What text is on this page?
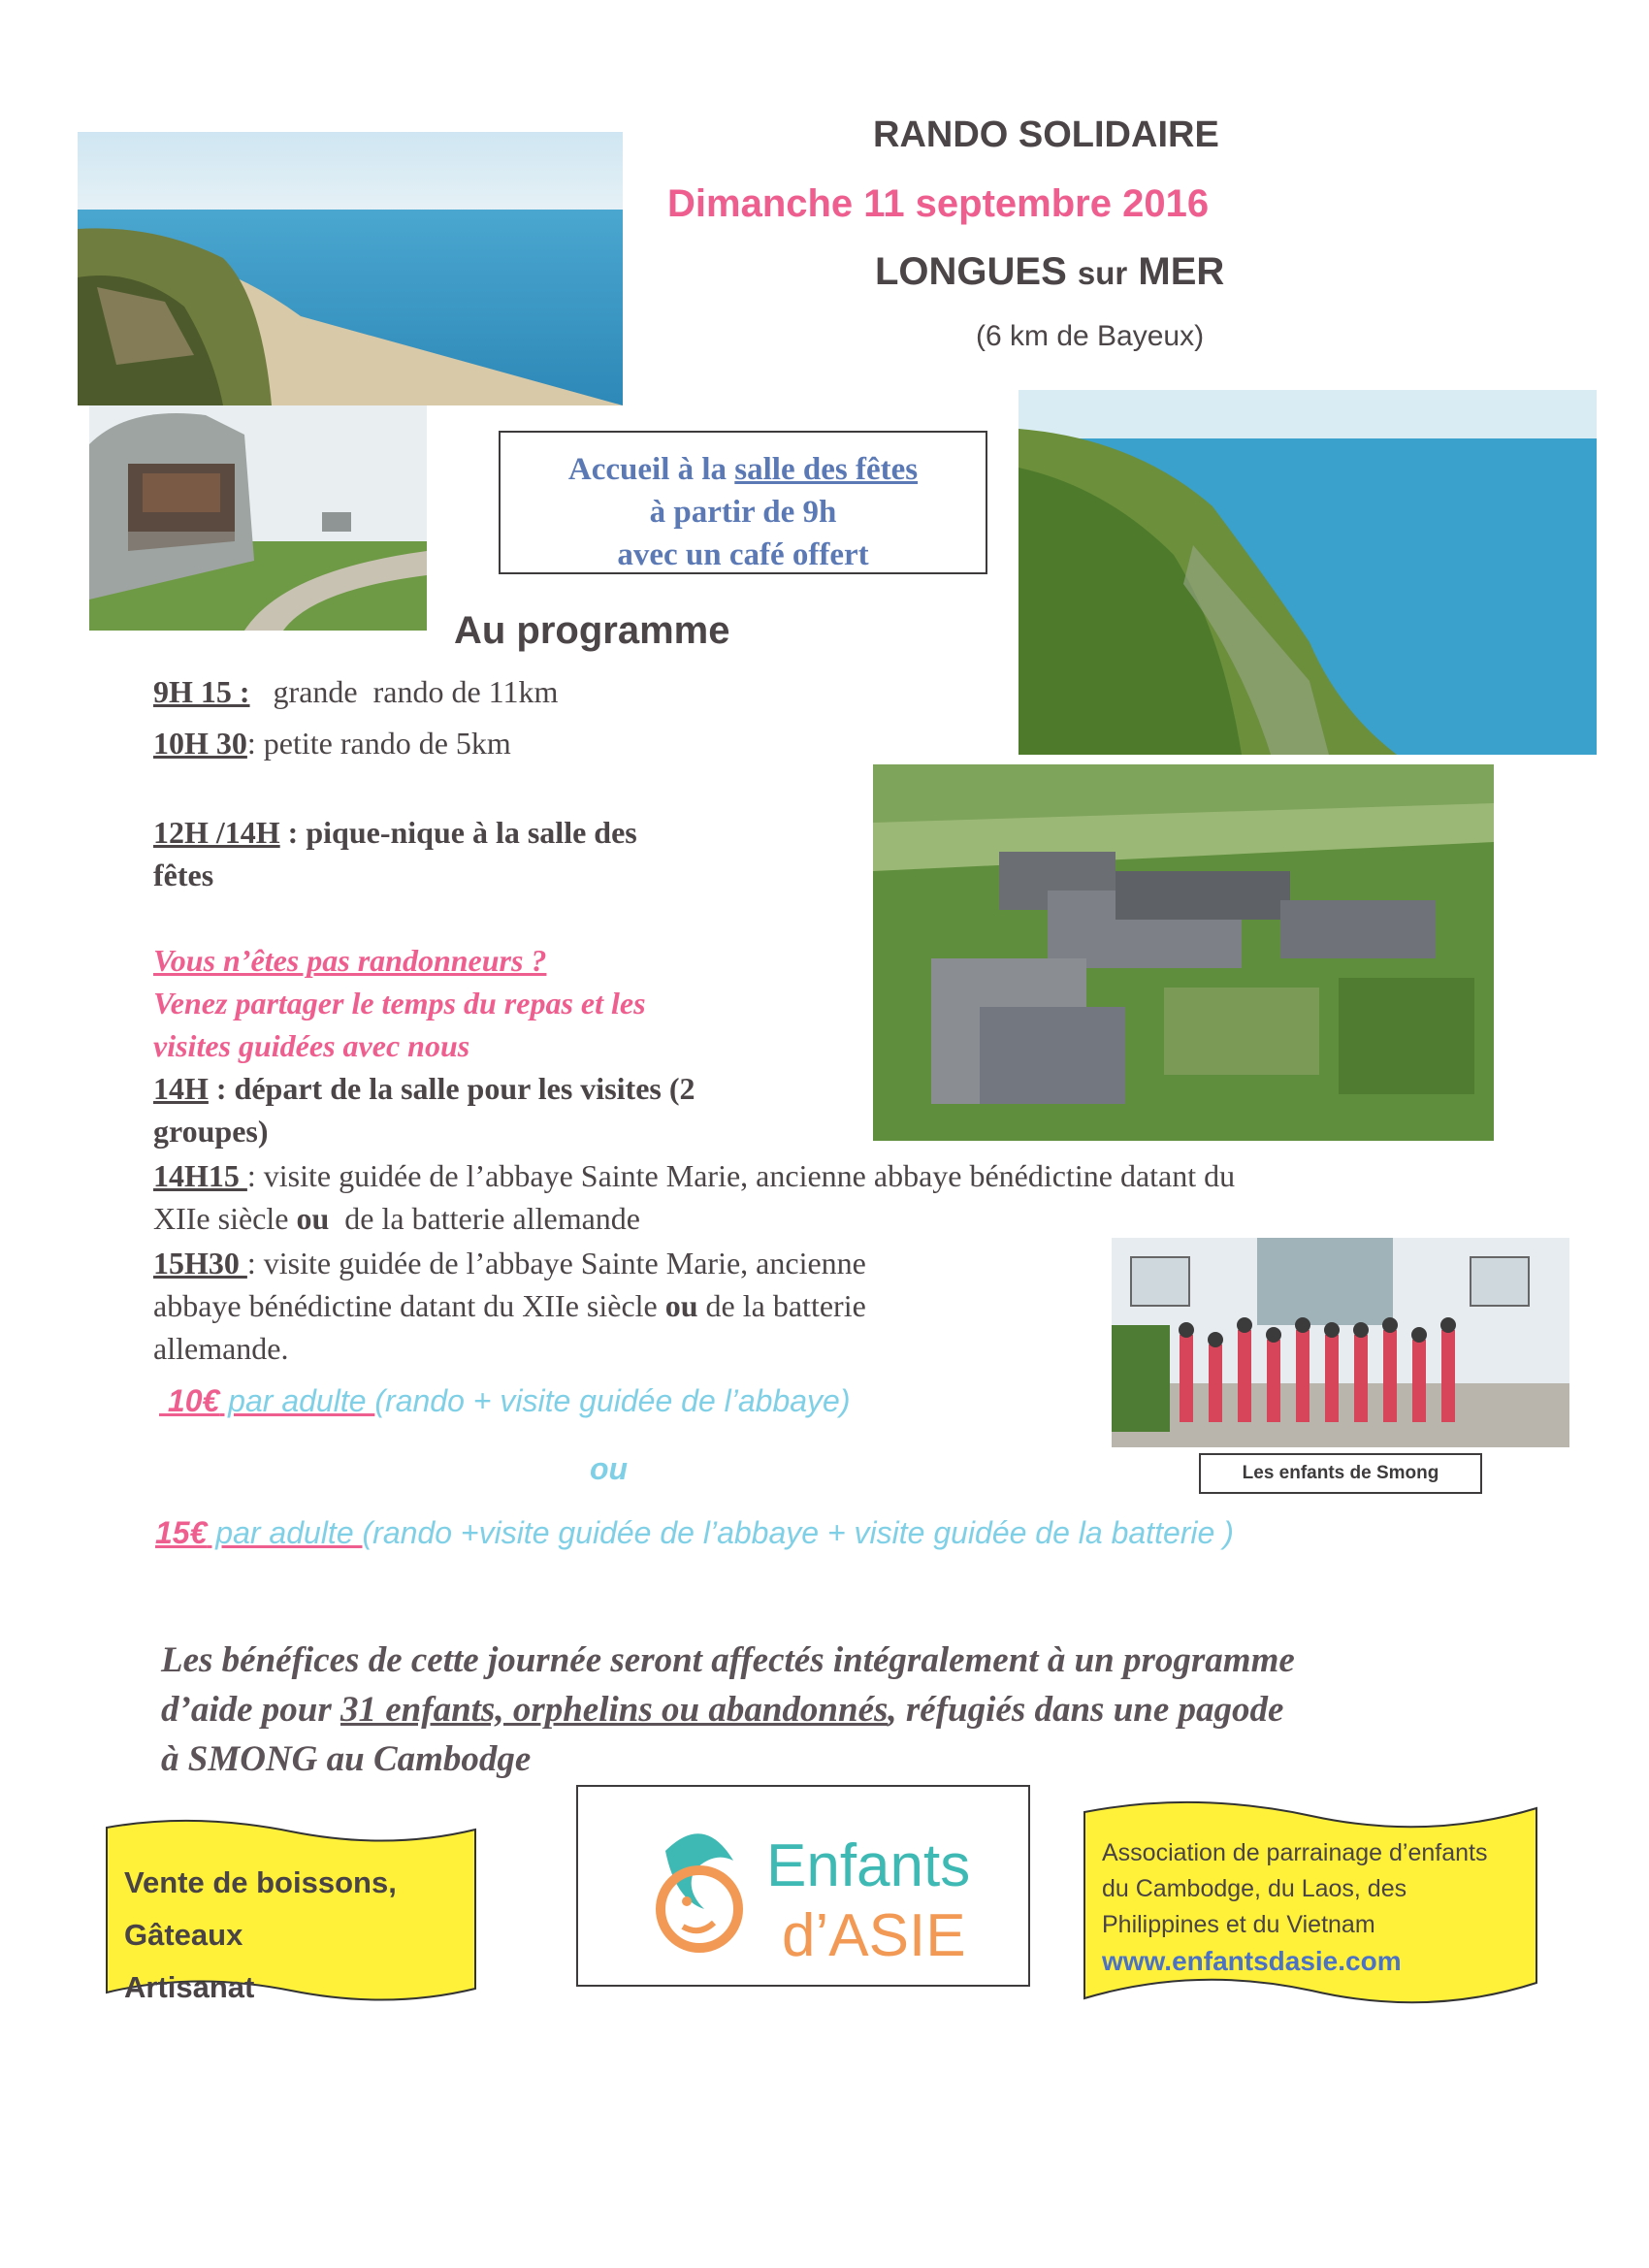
RANDO SOLIDAIRE
Dimanche 11 septembre 2016
LONGUES sur MER
(6 km de Bayeux)
Les enfants de Smong
Accueil à la salle des fêtes
à partir de 9h
avec un café offert
Au programme
9H 15 :   grande  rando de 11km
10H 30: petite rando de 5km
12H /14H : pique-nique à la salle des
fêtes
Vous n’êtes pas randonneurs ?
Venez partager le temps du repas et les
visites guidées avec nous
14H : départ de la salle pour les visites (2
groupes)
14H15 : visite guidée de l’abbaye Sainte Marie, ancienne abbaye bénédictine datant du
XIIe siècle ou  de la batterie allemande
15H30 : visite guidée de l’abbaye Sainte Marie, ancienne
abbaye bénédictine datant du XIIe siècle ou de la batterie
allemande.
10€ par adulte (rando + visite guidée de l’abbaye)
ou
15€ par adulte (rando +visite guidée de l’abbaye + visite guidée de la batterie )
Les bénéfices de cette journée seront affectés intégralement à un programme
d’aide pour 31 enfants, orphelins ou abandonnés, réfugiés dans une pagode
à SMONG au Cambodge
Vente de boissons,
Gâteaux
Artisanat
Enfants
d’ASIE
Association de parrainage d’enfants
du Cambodge, du Laos, des
Philippines et du Vietnam
www.enfantsdasie.com
